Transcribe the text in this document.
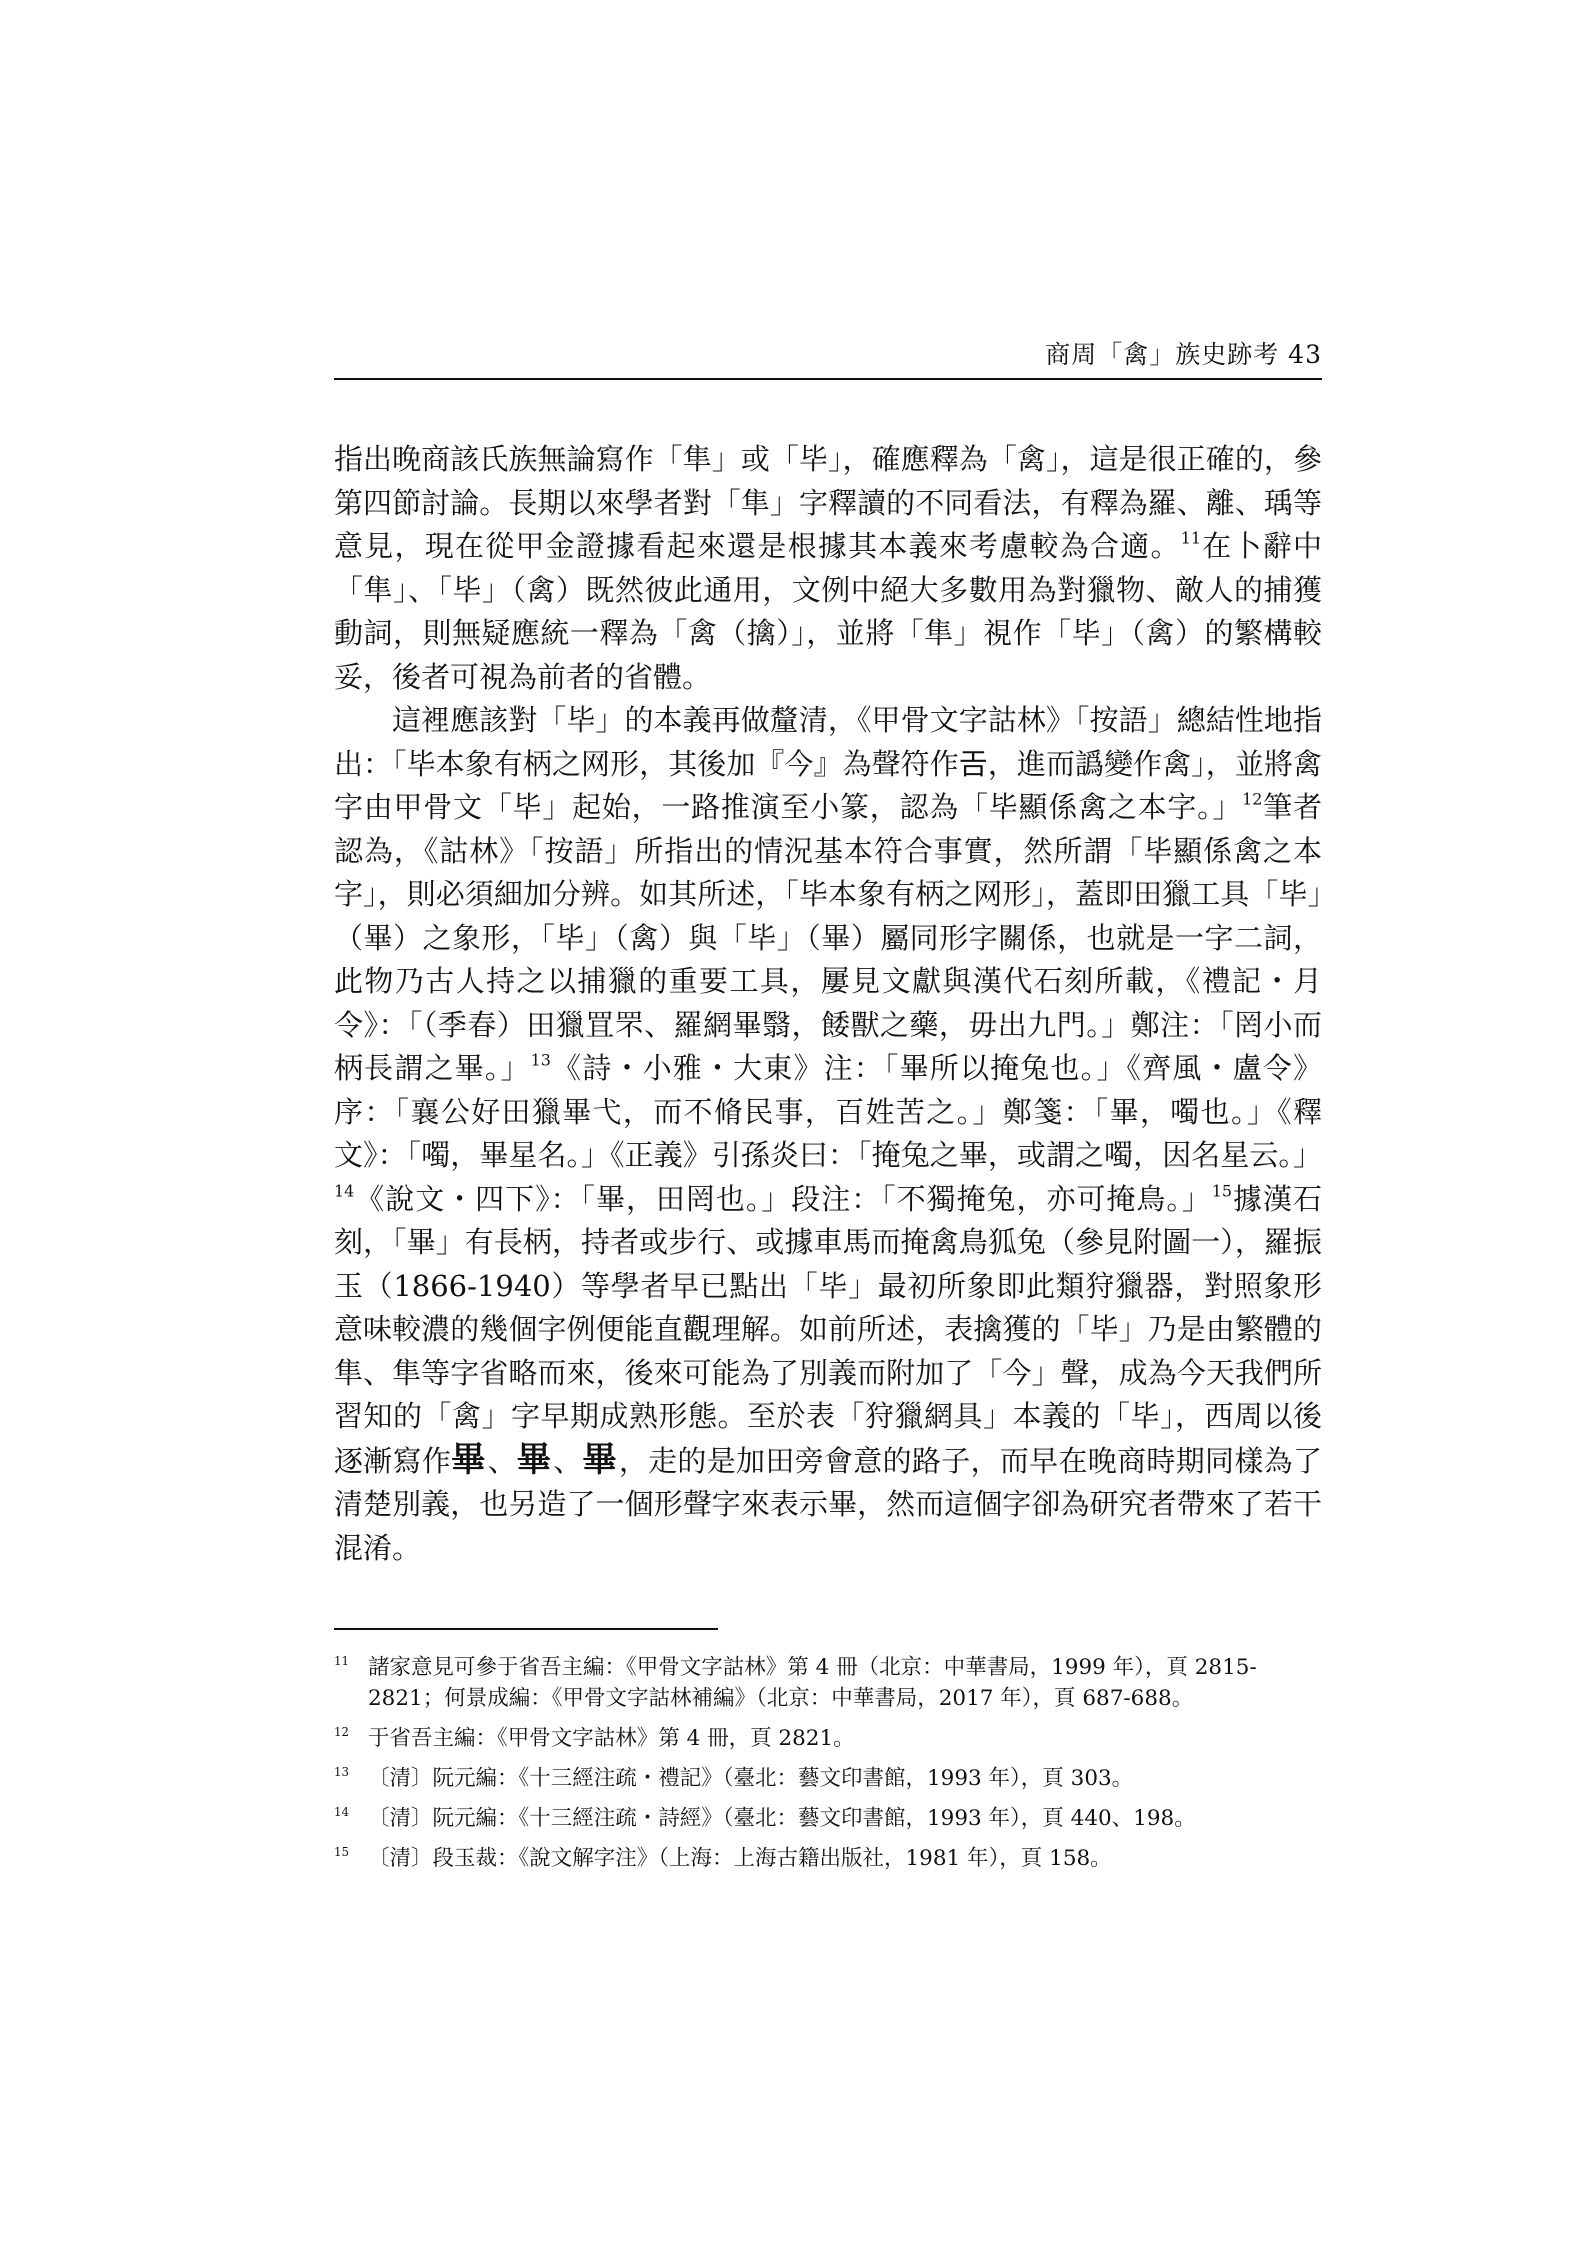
商周「禽」族史跡考 43

指出晚商該氏族無論寫作「隼」或「毕」，確應釋為「禽」，這是很正確的，參第四節討論。長期以來學者對「隼」字釋讀的不同看法，有釋為羅、離、瑀等意見，現在從甲金證據看起來還是根據其本義來考慮較為合適。$^{11}$在卜辭中「隼」、「毕」（禽）既然彼此通用，文例中絕大多數用為對獵物、敵人的捕獲動詞，則無疑應統一釋為「禽（擒）」，並將「隼」視作「毕」（禽）的繁構較妥，後者可視為前者的省體。

這裡應該對「毕」的本義再做釐清，《甲骨文字詁林》「按語」總結性地指出：「毕本象有柄之网形，其後加『今』為聲符作𢀛，進而譌變作禽」，並將禽字由甲骨文「毕」起始，一路推演至小篆，認為「毕顯係禽之本字。」$^{12}$筆者認為，《詁林》「按語」所指出的情況基本符合事實，然所謂「毕顯係禽之本字」，則必須細加分辨。如其所述，「毕本象有柄之网形」，蓋即田獵工具「毕」（畢）之象形，「毕」（禽）與「毕」（畢）屬同形字關係，也就是一字二詞，此物乃古人持之以捕獵的重要工具，屢見文獻與漢代石刻所載，《禮記・月令》：「（季春）田獵罝罘、羅網畢翳，餧獸之藥，毋出九門。」鄭注：「罔小而柄長謂之畢。」$^{13}$《詩・小雅・大東》注：「畢所以掩兔也。」《齊風・盧令》序：「襄公好田獵畢弋，而不脩民事，百姓苦之。」鄭箋：「畢，噣也。」《釋文》：「噣，畢星名。」《正義》引孫炎曰：「掩兔之畢，或謂之噣，因名星云。」$^{14}$《說文・四下》：「畢，田罔也。」段注：「不獨掩兔，亦可掩鳥。」$^{15}$據漢石刻，「畢」有長柄，持者或步行、或據車馬而掩禽鳥狐兔（參見附圖一），羅振玉（1866-1940）等學者早已點出「毕」最初所象即此類狩獵器，對照象形意味較濃的幾個字例便能直觀理解。如前所述，表擒獲的「毕」乃是由繁體的隼、隼等字省略而來，後來可能為了別義而附加了「今」聲，成為今天我們所習知的「禽」字早期成熟形態。至於表「狩獵網具」本義的「毕」，西周以後逐漸寫作畢、畢、畢，走的是加田旁會意的路子，而早在晚商時期同樣為了清楚別義，也另造了一個形聲字來表示畢，然而這個字卻為研究者帶來了若干混淆。

$^{11}$ 諸家意見可參于省吾主編：《甲骨文字詁林》第 4 冊（北京：中華書局，1999 年），頁 2815-2821；何景成編：《甲骨文字詁林補編》（北京：中華書局，2017 年），頁 687-688。
$^{12}$ 于省吾主編：《甲骨文字詁林》第 4 冊，頁 2821。
$^{13}$ 〔清〕阮元編：《十三經注疏・禮記》（臺北：藝文印書館，1993 年），頁 303。
$^{14}$ 〔清〕阮元編：《十三經注疏・詩經》（臺北：藝文印書館，1993 年），頁 440、198。
$^{15}$ 〔清〕段玉裁：《說文解字注》（上海：上海古籍出版社，1981 年），頁 158。
